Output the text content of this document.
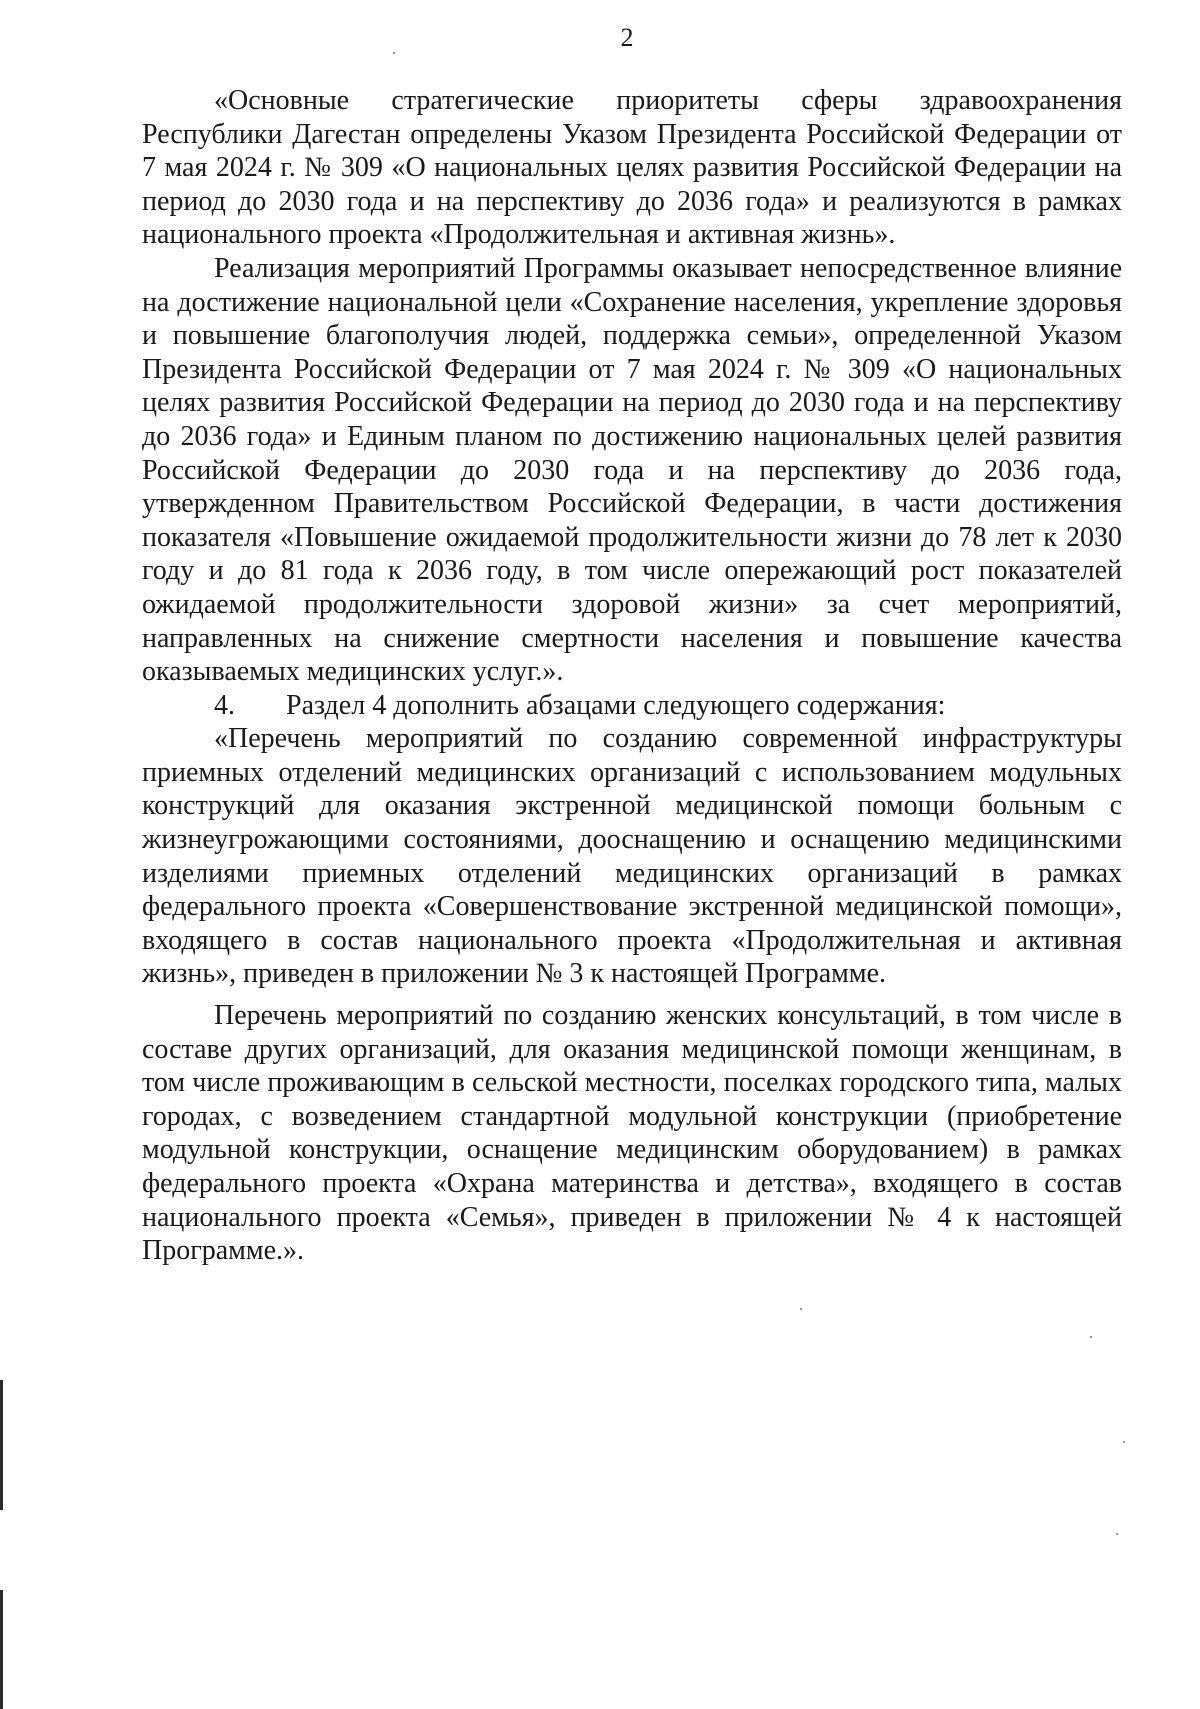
2

«Основные стратегические приоритеты сферы здравоохранения Республики Дагестан определены Указом Президента Российской Федерации от 7 мая 2024 г. № 309 «О национальных целях развития Российской Федерации на период до 2030 года и на перспективу до 2036 года» и реализуются в рамках национального проекта «Продолжительная и активная жизнь».

Реализация мероприятий Программы оказывает непосредственное влияние на достижение национальной цели «Сохранение населения, укрепление здоровья и повышение благополучия людей, поддержка семьи», определенной Указом Президента Российской Федерации от 7 мая 2024 г. № 309 «О национальных целях развития Российской Федерации на период до 2030 года и на перспективу до 2036 года» и Единым планом по достижению национальных целей развития Российской Федерации до 2030 года и на перспективу до 2036 года, утвержденном Правительством Российской Федерации, в части достижения показателя «Повышение ожидаемой продолжительности жизни до 78 лет к 2030 году и до 81 года к 2036 году, в том числе опережающий рост показателей ожидаемой продолжительности здоровой жизни» за счет мероприятий, направленных на снижение смертности населения и повышение качества оказываемых медицинских услуг.».

4. Раздел 4 дополнить абзацами следующего содержания:

«Перечень мероприятий по созданию современной инфраструктуры приемных отделений медицинских организаций с использованием модульных конструкций для оказания экстренной медицинской помощи больным с жизнеугрожающими состояниями, дооснащению и оснащению медицинскими изделиями приемных отделений медицинских организаций в рамках федерального проекта «Совершенствование экстренной медицинской помощи», входящего в состав национального проекта «Продолжительная и активная жизнь», приведен в приложении № 3 к настоящей Программе.

Перечень мероприятий по созданию женских консультаций, в том числе в составе других организаций, для оказания медицинской помощи женщинам, в том числе проживающим в сельской местности, поселках городского типа, малых городах, с возведением стандартной модульной конструкции (приобретение модульной конструкции, оснащение медицинским оборудованием) в рамках федерального проекта «Охрана материнства и детства», входящего в состав национального проекта «Семья», приведен в приложении № 4 к настоящей Программе.».
